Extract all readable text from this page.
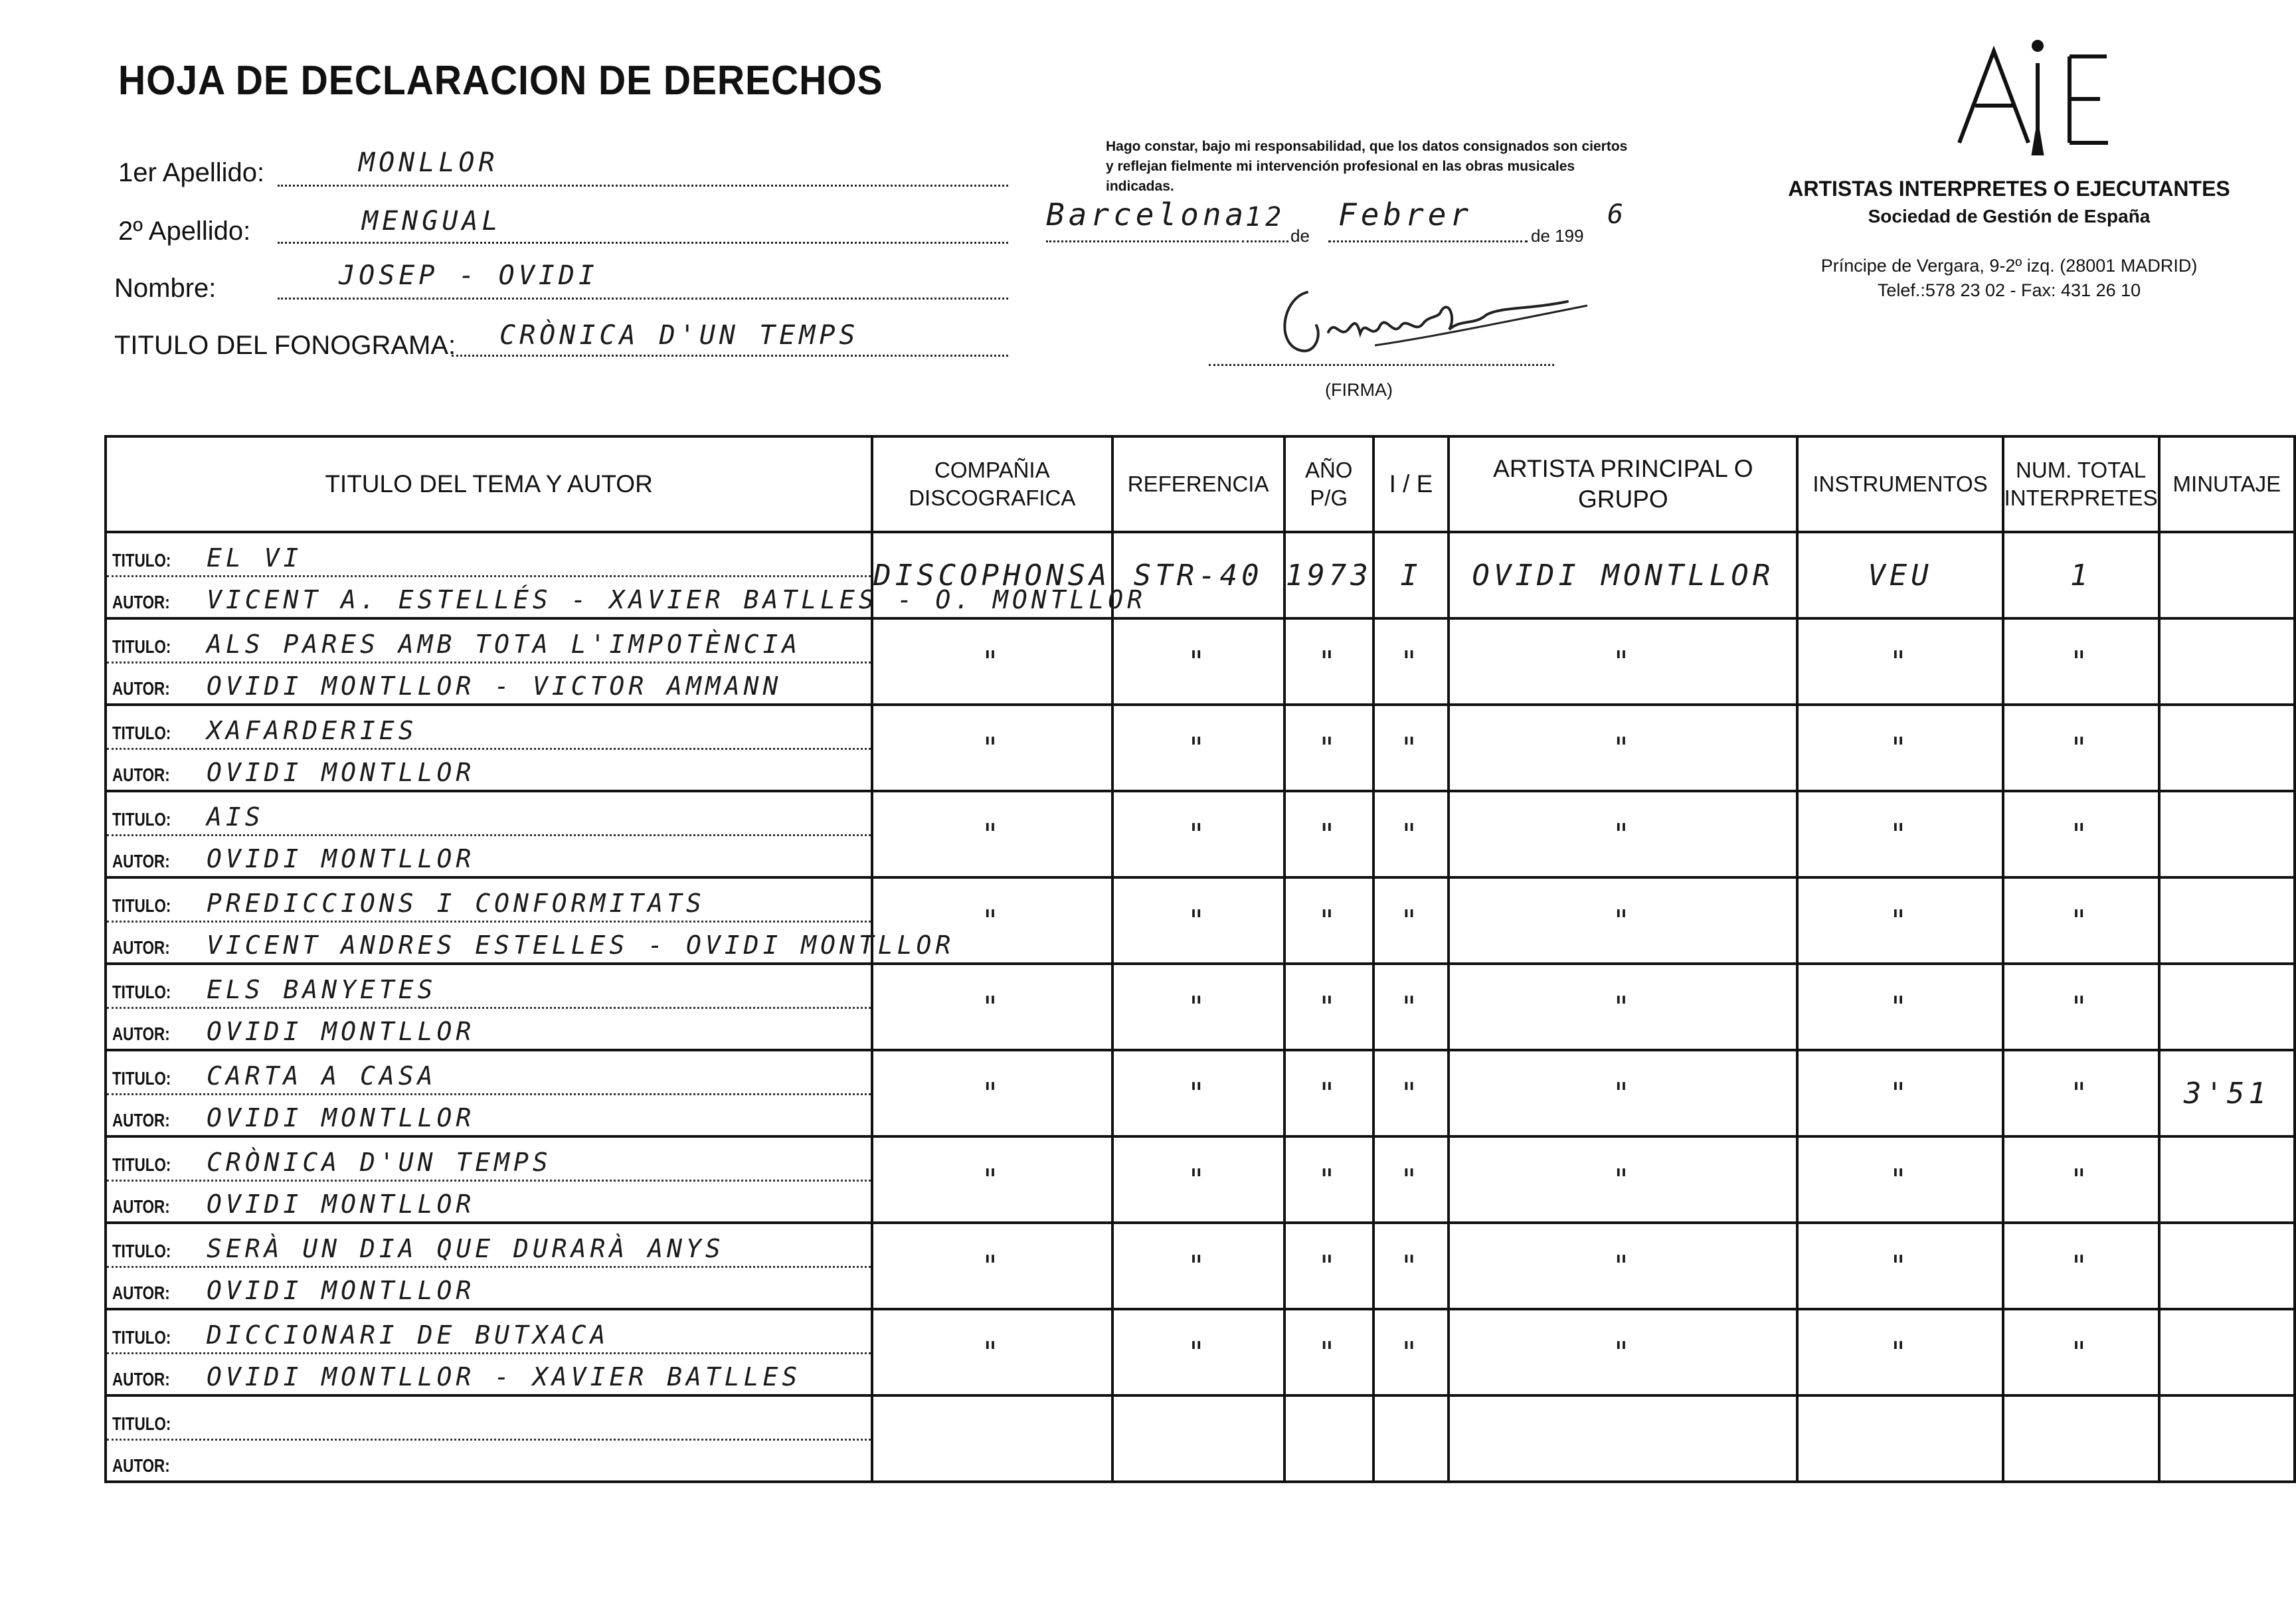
HOJA DE DECLARACION DE DERECHOS
1er Apellido:	MONLLOR
2º Apellido:	MENGUAL
Nombre:	JOSEP - OVIDI
TITULO DEL FONOGRAMA: CRÒNICA D'UN TEMPS
Hago constar, bajo mi responsabilidad, que los datos consignados son ciertos y reflejan fielmente mi intervención profesional en las obras musicales indicadas.
Barcelona
12
de
Febrer
de 199
6
(FIRMA)
ARTISTAS INTERPRETES O EJECUTANTES
Sociedad de Gestión de España
Príncipe de Vergara, 9-2º izq. (28001 MADRID)
Telef.:578 23 02 - Fax: 431 26 10
TITULO DEL TEMA Y AUTOR	COMPAÑIA DISCOGRAFICA	REFERENCIA	AÑO P/G	I / E	ARTISTA PRINCIPAL O GRUPO	INSTRUMENTOS	NUM. TOTAL INTERPRETES	MINUTAJE

TITULO: EL VI
AUTOR: VICENT A. ESTELLÉS - XAVIER BATLLES - O. MONTLLOR	DISCOPHONSA	STR-40	1973	I	OVIDI MONTLLOR	VEU	1	

TITULO: ALS PARES AMB TOTA L'IMPOTÈNCIA
AUTOR: OVIDI MONTLLOR - VICTOR AMMANN	"	"	"	"	"	"	"	

TITULO: XAFARDERIES
AUTOR: OVIDI MONTLLOR	"	"	"	"	"	"	"	

TITULO: AIS
AUTOR: OVIDI MONTLLOR	"	"	"	"	"	"	"	

TITULO: PREDICCIONS I CONFORMITATS
AUTOR: VICENT ANDRES ESTELLES - OVIDI MONTLLOR	"	"	"	"	"	"	"	

TITULO: ELS BANYETES
AUTOR: OVIDI MONTLLOR	"	"	"	"	"	"	"	

TITULO: CARTA A CASA
AUTOR: OVIDI MONTLLOR	"	"	"	"	"	"	"	3'51

TITULO: CRÒNICA D'UN TEMPS
AUTOR: OVIDI MONTLLOR	"	"	"	"	"	"	"	

TITULO: SERÀ UN DIA QUE DURARÀ ANYS
AUTOR: OVIDI MONTLLOR	"	"	"	"	"	"	"	

TITULO: DICCIONARI DE BUTXACA
AUTOR: OVIDI MONTLLOR - XAVIER BATLLES	"	"	"	"	"	"	"	

TITULO:
AUTOR:								
